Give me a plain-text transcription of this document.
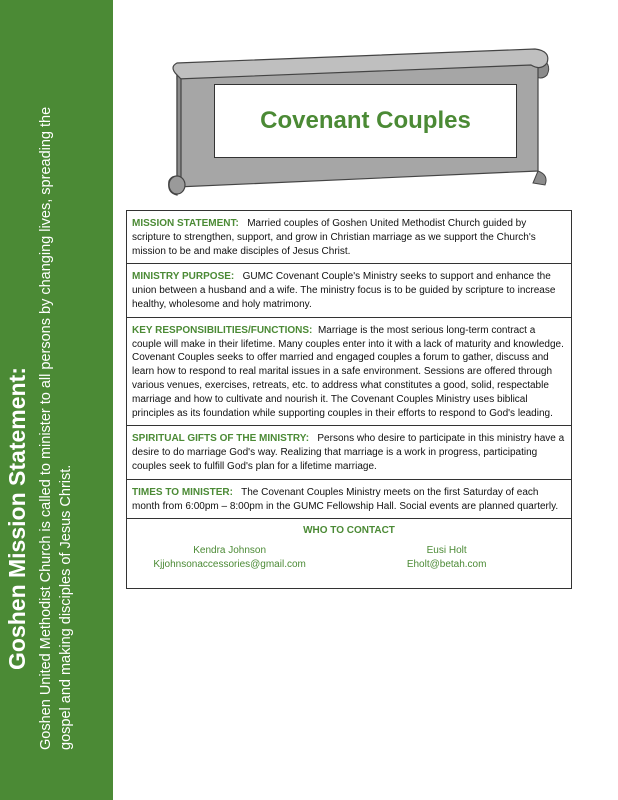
Goshen Mission Statement: Goshen United Methodist Church is called to minister to all persons by changing lives, spreading the gospel and making disciples of Jesus Christ.
Covenant Couples
MISSION STATEMENT: Married couples of Goshen United Methodist Church guided by scripture to strengthen, support, and grow in Christian marriage as we support the Church's mission to be and make disciples of Jesus Christ.
MINISTRY PURPOSE: GUMC Covenant Couple's Ministry seeks to support and enhance the union between a husband and a wife. The ministry focus is to be guided by scripture to increase healthy, wholesome and holy matrimony.
KEY RESPONSIBILITIES/FUNCTIONS: Marriage is the most serious long-term contract a couple will make in their lifetime. Many couples enter into it with a lack of maturity and knowledge. Covenant Couples seeks to offer married and engaged couples a forum to gather, discuss and learn how to respond to real marital issues in a safe environment. Sessions are offered through various venues, exercises, retreats, etc. to address what constitutes a good, solid, respectable marriage and how to cultivate and nourish it. The Covenant Couples Ministry uses biblical principles as its foundation while supporting couples in their efforts to respond to God's leading.
SPIRITUAL GIFTS OF THE MINISTRY: Persons who desire to participate in this ministry have a desire to do marriage God's way. Realizing that marriage is a work in progress, participating couples seek to fulfill God's plan for a lifetime marriage.
TIMES TO MINISTER: The Covenant Couples Ministry meets on the first Saturday of each month from 6:00pm – 8:00pm in the GUMC Fellowship Hall. Social events are planned quarterly.
WHO TO CONTACT
Kendra Johnson
Kjjohnsonaccessories@gmail.com
Eusi Holt
Eholt@betah.com
